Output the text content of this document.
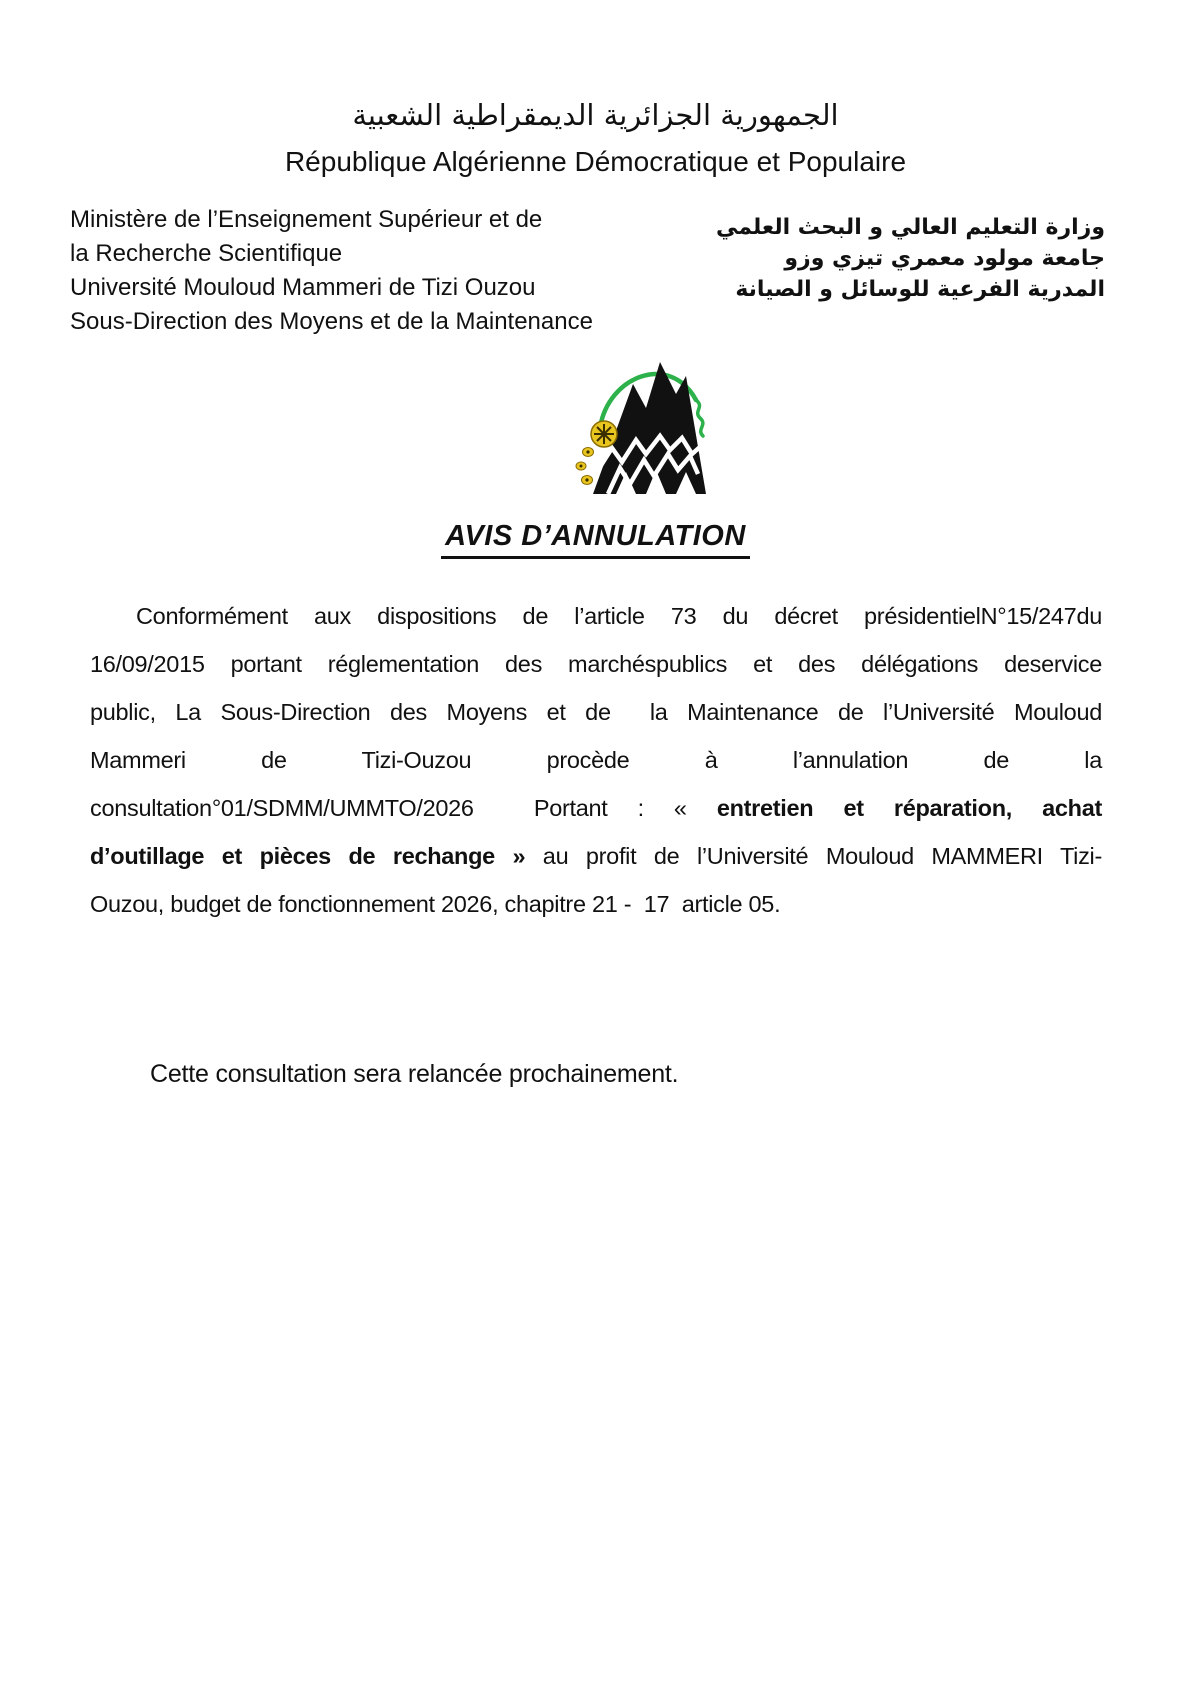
الجمهورية الجزائرية الديمقراطية الشعبية
République Algérienne Démocratique et Populaire
Ministère de l’Enseignement Supérieur et de
la Recherche Scientifique
Université Mouloud Mammeri de Tizi Ouzou
Sous-Direction des Moyens et de la Maintenance
وزارة التعليم العالي و البحث العلمي
جامعة مولود معمري تيزي وزو
المدرية الفرعية للوسائل و الصيانة
AVIS D’ANNULATION
Conformément aux dispositions de l’article 73 du décret présidentielN°15/247du
16/09/2015 portant réglementation des marchéspublics et des délégations deservice
public, La Sous-Direction des Moyens et de  la Maintenance de l’Université Mouloud
Mammeri de Tizi-Ouzou procède à l’annulation de la
consultation°01/SDMM/UMMTO/2026  Portant : « entretien et réparation, achat
d’outillage et pièces de rechange » au profit de l’Université Mouloud MAMMERI Tizi-
Ouzou, budget de fonctionnement 2026, chapitre 21 -  17  article 05.
Cette consultation sera relancée prochainement.
